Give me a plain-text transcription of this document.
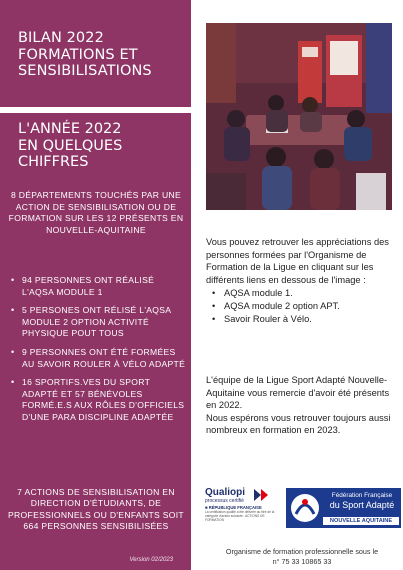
BILAN 2022
FORMATIONS ET
SENSIBILISATIONS
L'ANNÉE 2022
EN QUELQUES
CHIFFRES
8 DÉPARTEMENTS TOUCHÉS PAR UNE ACTION DE SENSIBILISATION OU DE FORMATION SUR LES 12 PRÉSENTS EN NOUVELLE-AQUITAINE
• 94 PERSONNES ONT RÉALISÉ L'AQSA MODULE 1
• 5 PERSONES ONT RÉLISÉ L'AQSA MODULE 2 OPTION ACTIVITÉ PHYSIQUE POUT TOUS
• 9 PERSONNES ONT ÉTÉ FORMÉES AU SAVOIR ROULER À VÉLO ADAPTÉ
• 16 SPORTIFS.VES DU SPORT ADAPTÉ ET 57 BÉNÉVOLES FORMÉ.E.S AUX RÔLES D'OFFICIELS D'UNE PARA DISCIPLINE ADAPTÉE
7 ACTIONS DE SENSIBILISATION EN DIRECTION D'ÉTUDIANTS, DE PROFESSIONNELS OU D'ENFANTS SOIT 664 PERSONNES SENSIBILISÉES
Version 02/2023
Vous pouvez retrouver les appréciations des personnes formées par l'Organisme de Formation de la Ligue en cliquant sur les différents liens en dessous de l'image :
• AQSA module 1.
• AQSA module 2 option APT.
• Savoir Rouler à Vélo.
L'équipe de la Ligue Sport Adapté Nouvelle-Aquitaine vous remercie d'avoir été présents en 2022.
Nous espérons vous retrouver toujours aussi nombreux en formation en 2023.
Qualiopi
processus certifié
■ RÉPUBLIQUE FRANÇAISE
La certification qualité a été délivrée au titre de la catégorie d'action suivante : ACTIONS DE FORMATION
Fédération Française
du Sport Adapté
NOUVELLE AQUITAINE
Organisme de formation professionnelle sous le
n° 75 33 10865 33
